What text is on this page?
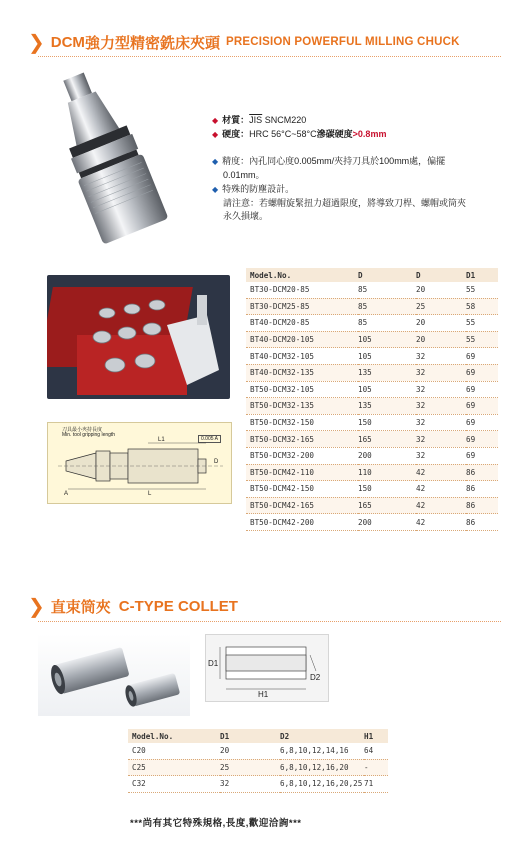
❯ DCM 強力型精密銑床夾頭 PRECISION POWERFUL MILLING CHUCK
◆ 材質：$\overline{JIS}$ SNCM220
◆ 硬度：HRC 56°C~58°C滲碳硬度>0.8mm
◆ 精度：內孔同心度0.005mm/夾持刀具於100mm處，偏擺
0.01mm。
◆ 特殊的防塵設計。
請注意：若螺帽旋緊扭力超過限度，將導致刀桿、螺帽或筒夾
永久損壞。
刀具最小夾持長度
Min. tool gripping length
0.005 A
L1
D
L
A
Model.No.	D	D	D1
BT30-DCM20-85	85	20	55
BT30-DCM25-85	85	25	58
BT40-DCM20-85	85	20	55
BT40-DCM20-105	105	20	55
BT40-DCM32-105	105	32	69
BT40-DCM32-135	135	32	69
BT50-DCM32-105	105	32	69
BT50-DCM32-135	135	32	69
BT50-DCM32-150	150	32	69
BT50-DCM32-165	165	32	69
BT50-DCM32-200	200	32	69
BT50-DCM42-110	110	42	86
BT50-DCM42-150	150	42	86
BT50-DCM42-165	165	42	86
BT50-DCM42-200	200	42	86
❯ 直束筒夾 C-TYPE COLLET
D1
D2
H1
Model.No.	D1	D2	H1
C20	20	6,8,10,12,14,16	64
C25	25	6,8,10,12,16,20	-
C32	32	6,8,10,12,16,20,25	71
***尚有其它特殊規格,長度,歡迎洽詢***
